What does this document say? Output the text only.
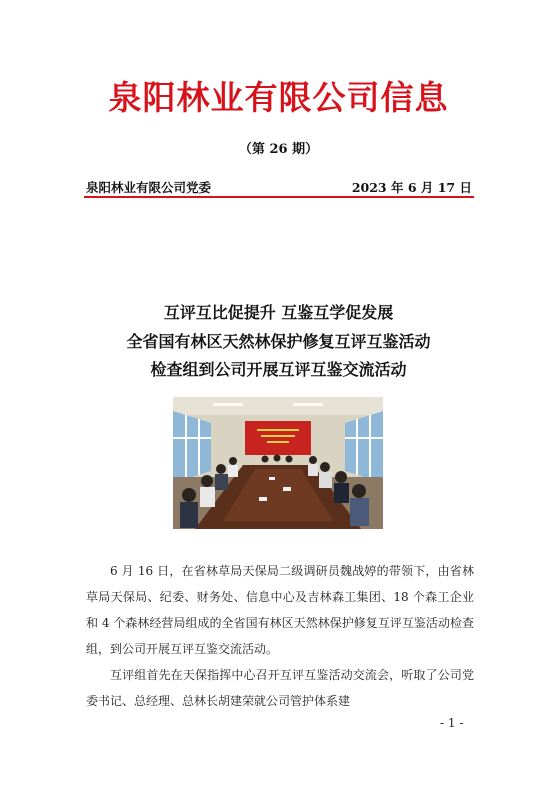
泉阳林业有限公司信息
（第 26 期）
泉阳林业有限公司党委	2023 年 6 月 17 日
互评互比促提升 互鉴互学促发展
全省国有林区天然林保护修复互评互鉴活动
检查组到公司开展互评互鉴交流活动

6 月 16 日，在省林草局天保局二级调研员魏战婷的带领下，由省林草局天保局、纪委、财务处、信息中心及吉林森工集团、18 个森工企业和 4 个森林经营局组成的全省国有林区天然林保护修复互评互鉴活动检查组，到公司开展互评互鉴交流活动。

互评组首先在天保指挥中心召开互评互鉴活动交流会，听取了公司党委书记、总经理、总林长胡建荣就公司管护体系建

- 1 -
